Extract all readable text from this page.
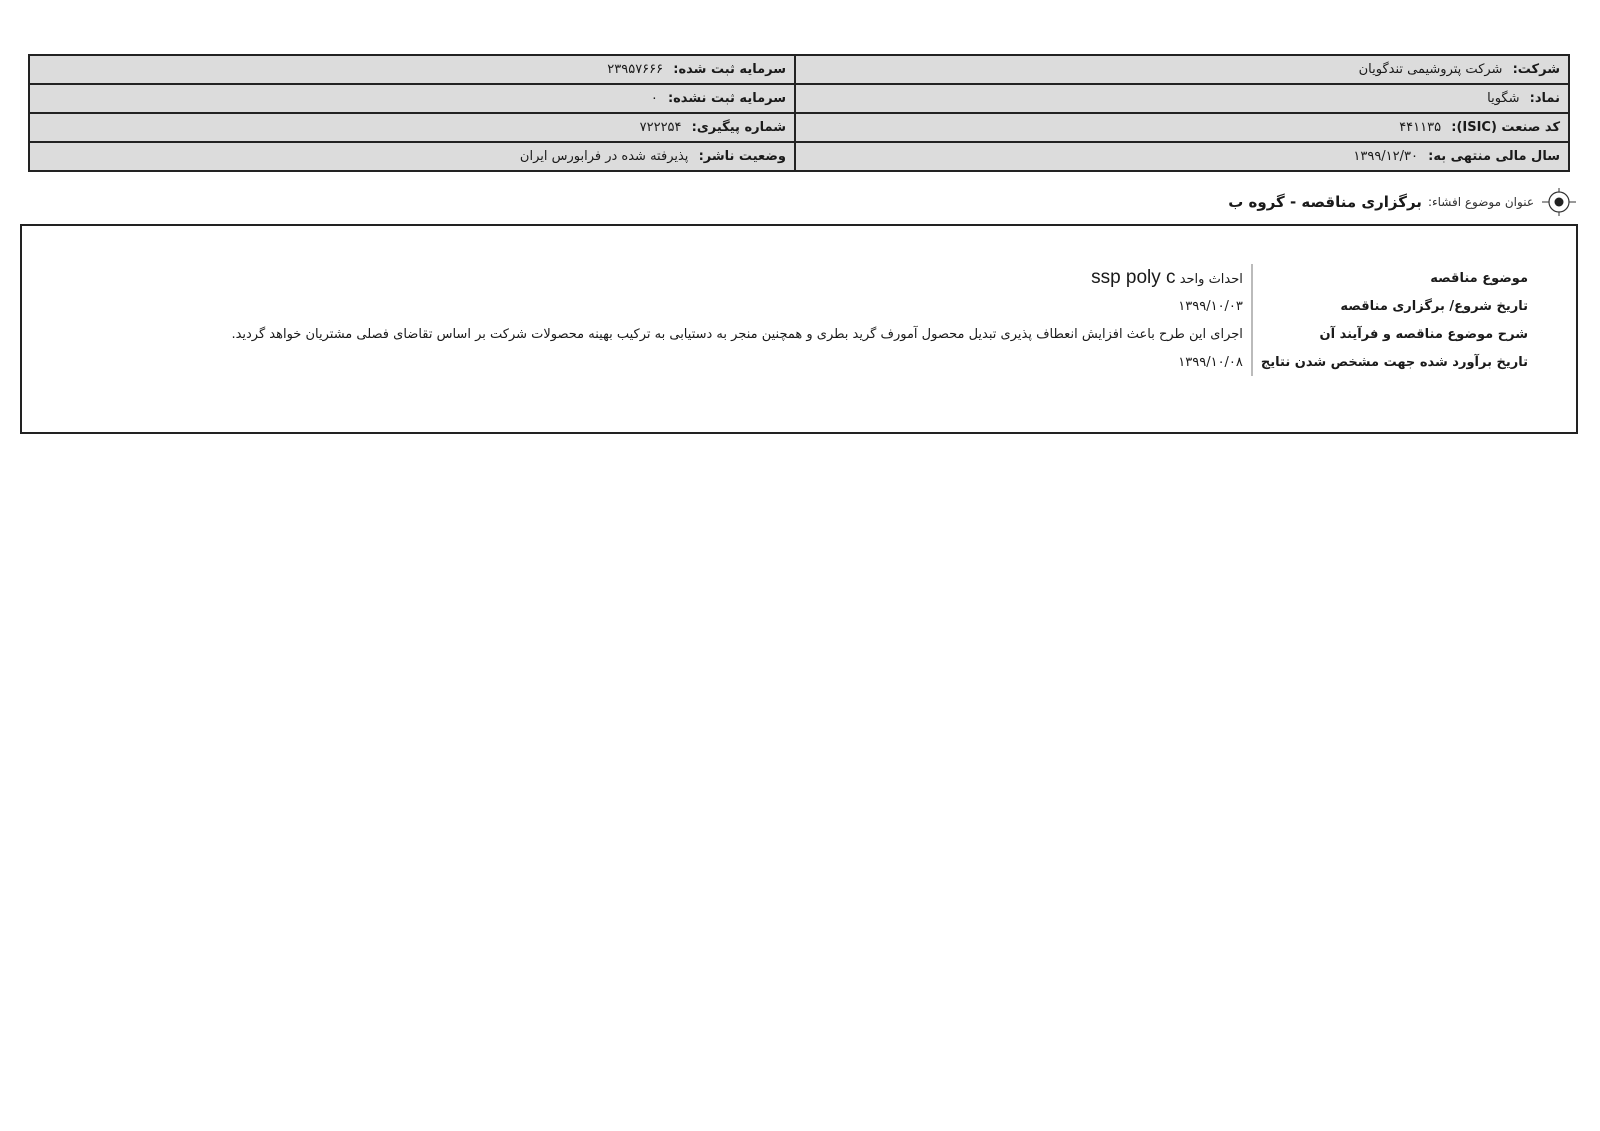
شرکت: شرکت پتروشیمی تندگویان	سرمایه ثبت شده: ۲۳۹۵۷۶۶۶
نماد: شگویا	سرمایه ثبت نشده: ۰
کد صنعت (ISIC): ۴۴۱۱۳۵	شماره پیگیری: ۷۲۲۲۵۴
سال مالی منتهی به: ۱۳۹۹/۱۲/۳۰	وضعیت ناشر: پذیرفته شده در فرابورس ایران
عنوان موضوع افشاء:
برگزاری مناقصه - گروه ب
موضوع مناقصه	احداث واحد ssp poly c
تاریخ شروع/ برگزاری مناقصه	۱۳۹۹/۱۰/۰۳
شرح موضوع مناقصه و فرآیند آن	اجرای این طرح باعث افزایش انعطاف پذیری تبدیل محصول آمورف گرید بطری و همچنین منجر به دستیابی به ترکیب بهینه محصولات شرکت بر اساس تقاضای فصلی مشتریان خواهد گردید.
تاریخ برآورد شده جهت مشخص شدن نتایج	۱۳۹۹/۱۰/۰۸
